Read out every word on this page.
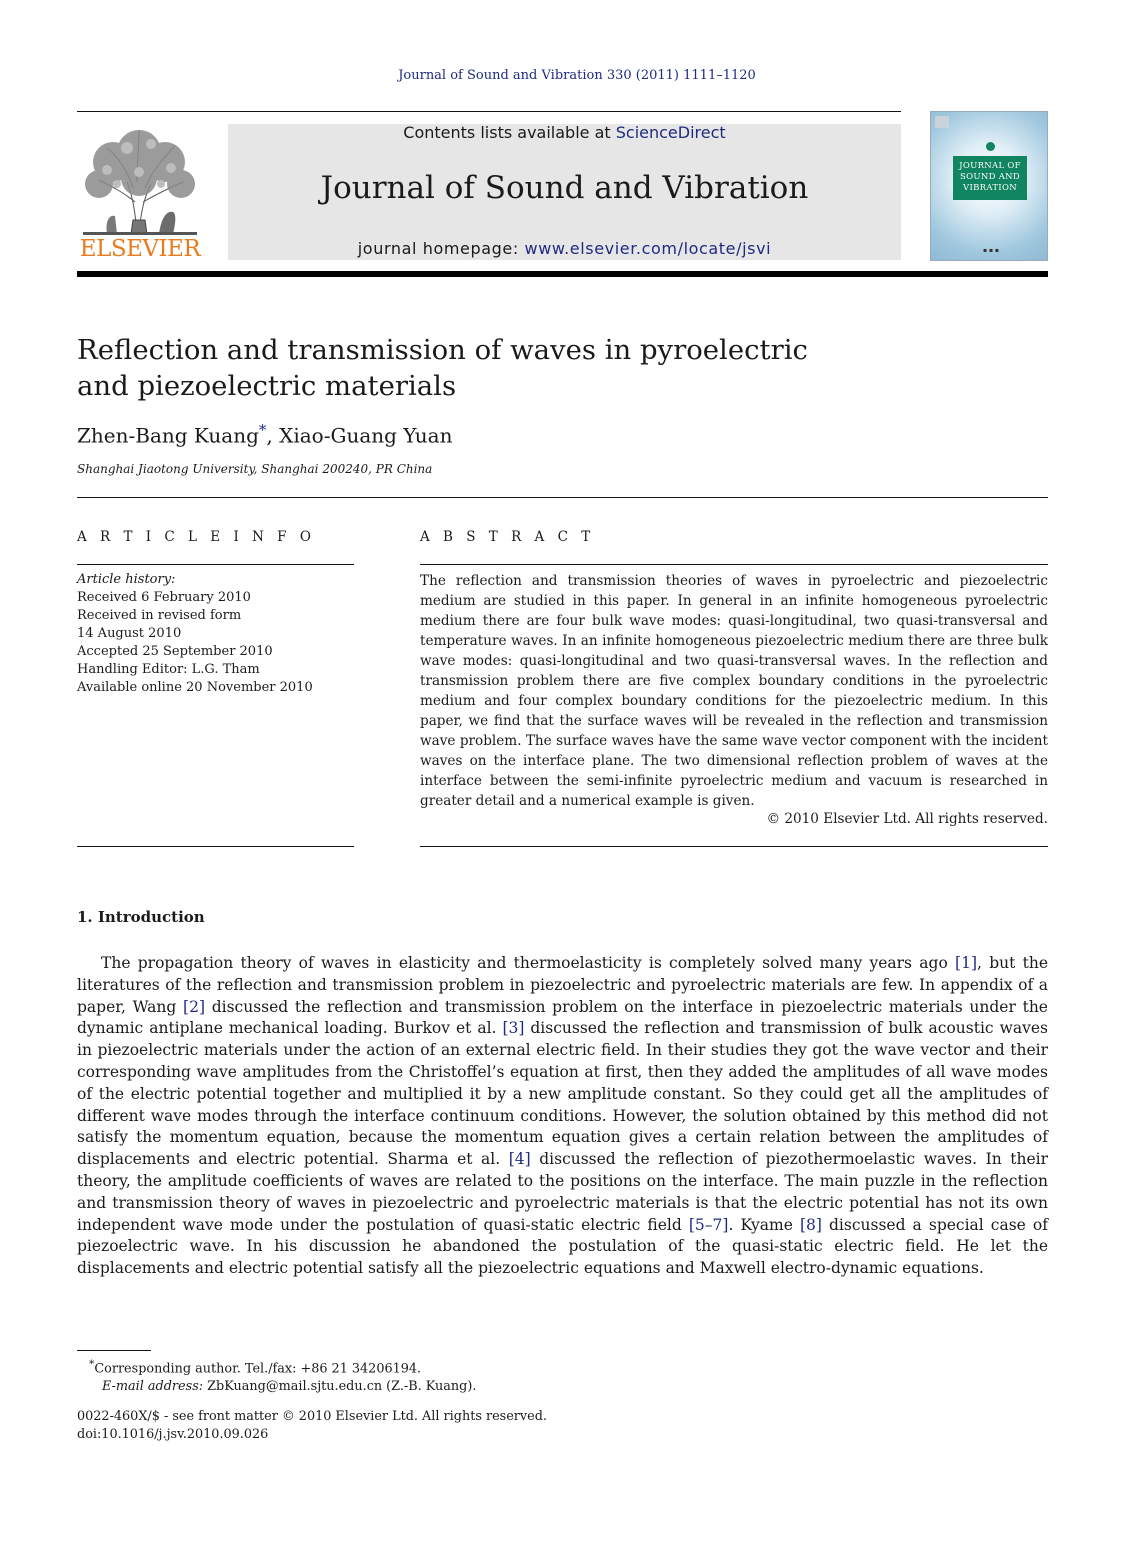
Journal of Sound and Vibration 330 (2011) 1111–1120
ELSEVIER
Contents lists available at ScienceDirect
Journal of Sound and Vibration
journal homepage: www.elsevier.com/locate/jsvi
JOURNAL OF
SOUND AND
VIBRATION
▪ ▪ ▪
Reflection and transmission of waves in pyroelectric
and piezoelectric materials
Zhen-Bang Kuang*, Xiao-Guang Yuan
Shanghai Jiaotong University, Shanghai 200240, PR China
A R T I C L E I N F O	A B S T R A C T
Article history:
Received 6 February 2010
Received in revised form
14 August 2010
Accepted 25 September 2010
Handling Editor: L.G. Tham
Available online 20 November 2010
The reflection and transmission theories of waves in pyroelectric and piezoelectric medium are studied in this paper. In general in an infinite homogeneous pyroelectric medium there are four bulk wave modes: quasi-longitudinal, two quasi-transversal and temperature waves. In an infinite homogeneous piezoelectric medium there are three bulk wave modes: quasi-longitudinal and two quasi-transversal waves. In the reflection and transmission problem there are five complex boundary conditions in the pyroelectric medium and four complex boundary conditions for the piezoelectric medium. In this paper, we find that the surface waves will be revealed in the reflection and transmission wave problem. The surface waves have the same wave vector component with the incident waves on the interface plane. The two dimensional reflection problem of waves at the interface between the semi-infinite pyroelectric medium and vacuum is researched in greater detail and a numerical example is given.
© 2010 Elsevier Ltd. All rights reserved.
1. Introduction
The propagation theory of waves in elasticity and thermoelasticity is completely solved many years ago [1], but the literatures of the reflection and transmission problem in piezoelectric and pyroelectric materials are few. In appendix of a paper, Wang [2] discussed the reflection and transmission problem on the interface in piezoelectric materials under the dynamic antiplane mechanical loading. Burkov et al. [3] discussed the reflection and transmission of bulk acoustic waves in piezoelectric materials under the action of an external electric field. In their studies they got the wave vector and their corresponding wave amplitudes from the Christoffel’s equation at first, then they added the amplitudes of all wave modes of the electric potential together and multiplied it by a new amplitude constant. So they could get all the amplitudes of different wave modes through the interface continuum conditions. However, the solution obtained by this method did not satisfy the momentum equation, because the momentum equation gives a certain relation between the amplitudes of displacements and electric potential. Sharma et al. [4] discussed the reflection of piezothermoelastic waves. In their theory, the amplitude coefficients of waves are related to the positions on the interface. The main puzzle in the reflection and transmission theory of waves in piezoelectric and pyroelectric materials is that the electric potential has not its own independent wave mode under the postulation of quasi-static electric field [5–7]. Kyame [8] discussed a special case of piezoelectric wave. In his discussion he abandoned the postulation of the quasi-static electric field. He let the displacements and electric potential satisfy all the piezoelectric equations and Maxwell electro-dynamic equations.
*Corresponding author. Tel./fax: +86 21 34206194.
E-mail address: ZbKuang@mail.sjtu.edu.cn (Z.-B. Kuang).
0022-460X/$ - see front matter © 2010 Elsevier Ltd. All rights reserved.
doi:10.1016/j.jsv.2010.09.026
